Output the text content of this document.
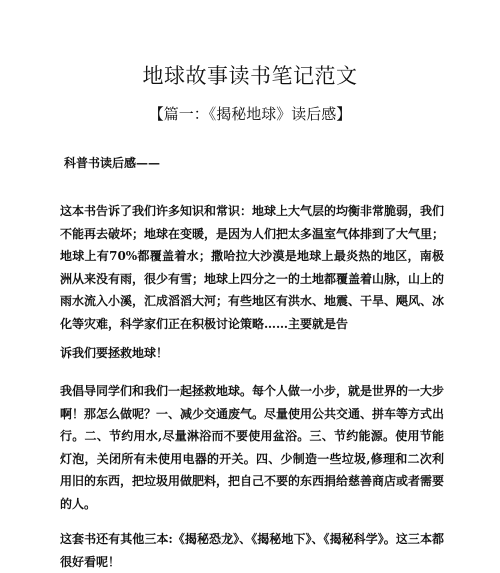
地球故事读书笔记范文

【篇一：《揭秘地球》读后感】

科普书读后感——

这本书告诉了我们许多知识和常识：地球上大气层的均衡非常脆弱，我们不能再去破坏；地球在变暖，是因为人们把太多温室气体排到了大气里；地球上有70%都覆盖着水；撒哈拉大沙漠是地球上最炎热的地区，南极洲从来没有雨，很少有雪；地球上四分之一的土地都覆盖着山脉，山上的雨水流入小溪，汇成滔滔大河；有些地区有洪水、地震、干旱、飓风、冰化等灾难，科学家们正在积极讨论策略……主要就是告

诉我们要拯救地球！

我倡导同学们和我们一起拯救地球。每个人做一小步，就是世界的一大步啊！那怎么做呢？一、减少交通废气。尽量使用公共交通、拼车等方式出行。二、节约用水,尽量淋浴而不要使用盆浴。三、节约能源。使用节能灯泡，关闭所有未使用电器的开关。四、少制造一些垃圾,修理和二次利用旧的东西，把垃圾用做肥料，把自己不要的东西捐给慈善商店或者需要的人。

这套书还有其他三本:《揭秘恐龙》、《揭秘地下》、《揭秘科学》。这三本都很好看呢！
